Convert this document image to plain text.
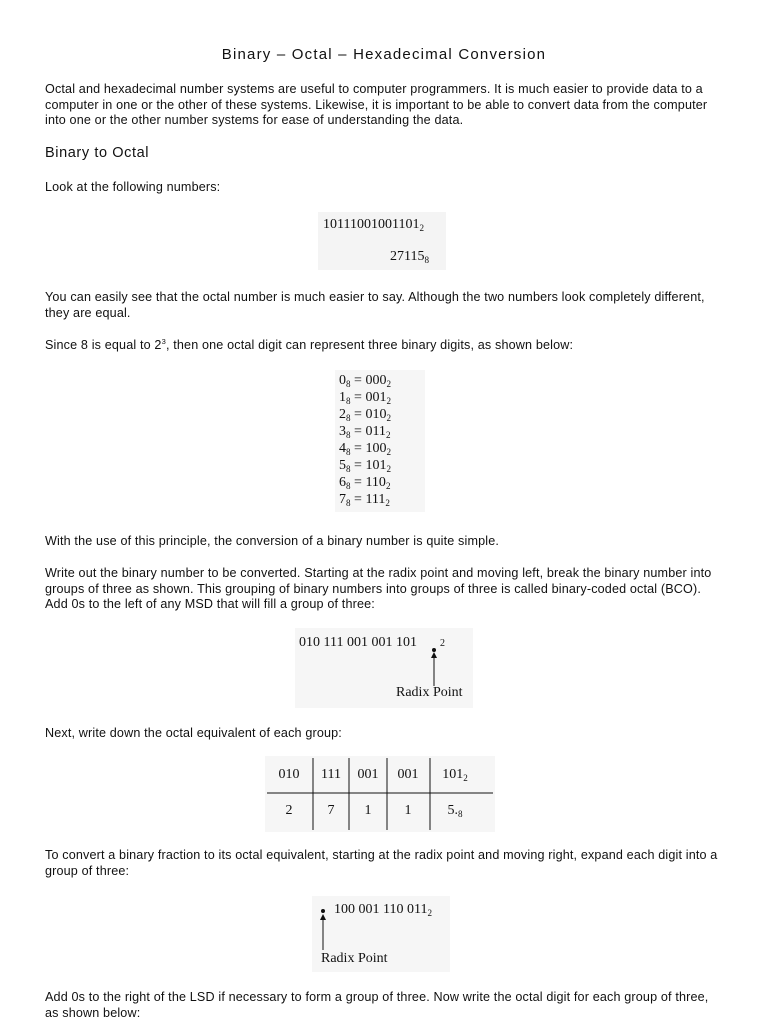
Binary – Octal – Hexadecimal Conversion

Octal and hexadecimal number systems are useful to computer programmers. It is much easier to provide data to a computer in one or the other of these systems. Likewise, it is important to be able to convert data from the computer into one or the other number systems for ease of understanding the data.

Binary to Octal

Look at the following numbers:

$10111001001101_2$
$27115_8$

You can easily see that the octal number is much easier to say. Although the two numbers look completely different, they are equal.

Since 8 is equal to $2^3$, then one octal digit can represent three binary digits, as shown below:

$0_8 = 000_2$
$1_8 = 001_2$
$2_8 = 010_2$
$3_8 = 011_2$
$4_8 = 100_2$
$5_8 = 101_2$
$6_8 = 110_2$
$7_8 = 111_2$

With the use of this principle, the conversion of a binary number is quite simple.

Write out the binary number to be converted. Starting at the radix point and moving left, break the binary number into groups of three as shown. This grouping of binary numbers into groups of three is called binary-coded octal (BCO). Add 0s to the left of any MSD that will fill a group of three:

010 111 001 001 101 2
Radix Point

Next, write down the octal equivalent of each group:

010	111	001	001	$101_2$
2	7	1	1	$5._8$

To convert a binary fraction to its octal equivalent, starting at the radix point and moving right, expand each digit into a group of three:

100 001 110 $011_2$
Radix Point

Add 0s to the right of the LSD if necessary to form a group of three. Now write the octal digit for each group of three, as shown below:
